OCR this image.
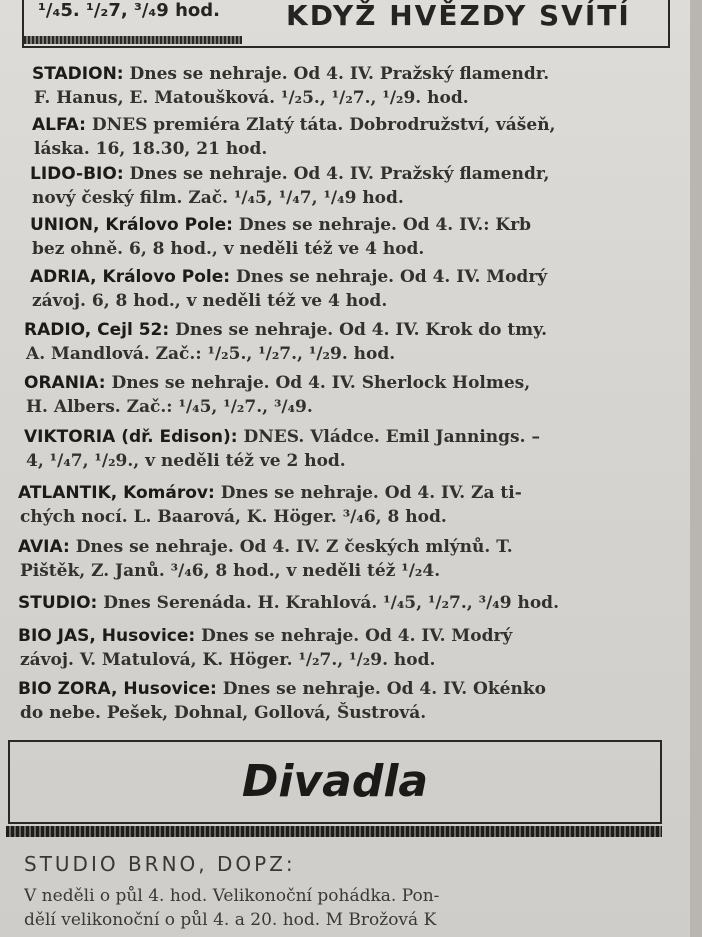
¹/₄5. ¹/₂7, ³/₄9 hod. KDYŽ HVĚZDY SVÍTÍ
STADION: Dnes se nehraje. Od 4. IV. Pražský flamendr.
F. Hanus, E. Matoušková. ¹/₂5., ¹/₂7., ¹/₂9. hod.
ALFA: DNES premiéra Zlatý táta. Dobrodružství, vášeň,
láska. 16, 18.30, 21 hod.
LIDO-BIO: Dnes se nehraje. Od 4. IV. Pražský flamendr,
nový český film. Zač. ¹/₄5, ¹/₄7, ¹/₄9 hod.
UNION, Královo Pole: Dnes se nehraje. Od 4. IV.: Krb
bez ohně. 6, 8 hod., v neděli též ve 4 hod.
ADRIA, Královo Pole: Dnes se nehraje. Od 4. IV. Modrý
závoj. 6, 8 hod., v neděli též ve 4 hod.
RADIO, Cejl 52: Dnes se nehraje. Od 4. IV. Krok do tmy.
A. Mandlová. Zač.: ¹/₂5., ¹/₂7., ¹/₂9. hod.
ORANIA: Dnes se nehraje. Od 4. IV. Sherlock Holmes,
H. Albers. Zač.: ¹/₄5, ¹/₂7., ³/₄9.
VIKTORIA (dř. Edison): DNES. Vládce. Emil Jannings. –
4, ¹/₄7, ¹/₂9., v neděli též ve 2 hod.
ATLANTIK, Komárov: Dnes se nehraje. Od 4. IV. Za ti-
chých nocí. L. Baarová, K. Höger. ³/₄6, 8 hod.
AVIA: Dnes se nehraje. Od 4. IV. Z českých mlýnů. T.
Pištěk, Z. Janů. ³/₄6, 8 hod., v neděli též ¹/₂4.
STUDIO: Dnes Serenáda. H. Krahlová. ¹/₄5, ¹/₂7., ³/₄9 hod.
BIO JAS, Husovice: Dnes se nehraje. Od 4. IV. Modrý
závoj. V. Matulová, K. Höger. ¹/₂7., ¹/₂9. hod.
BIO ZORA, Husovice: Dnes se nehraje. Od 4. IV. Okénko
do nebe. Pešek, Dohnal, Gollová, Šustrová.
Divadla
STUDIO BRNO, DOPZ:
V neděli o půl 4. hod. Velikonoční pohádka. Pon-
dělí velikonoční o půl 4. a 20. hod. M Brožová K
